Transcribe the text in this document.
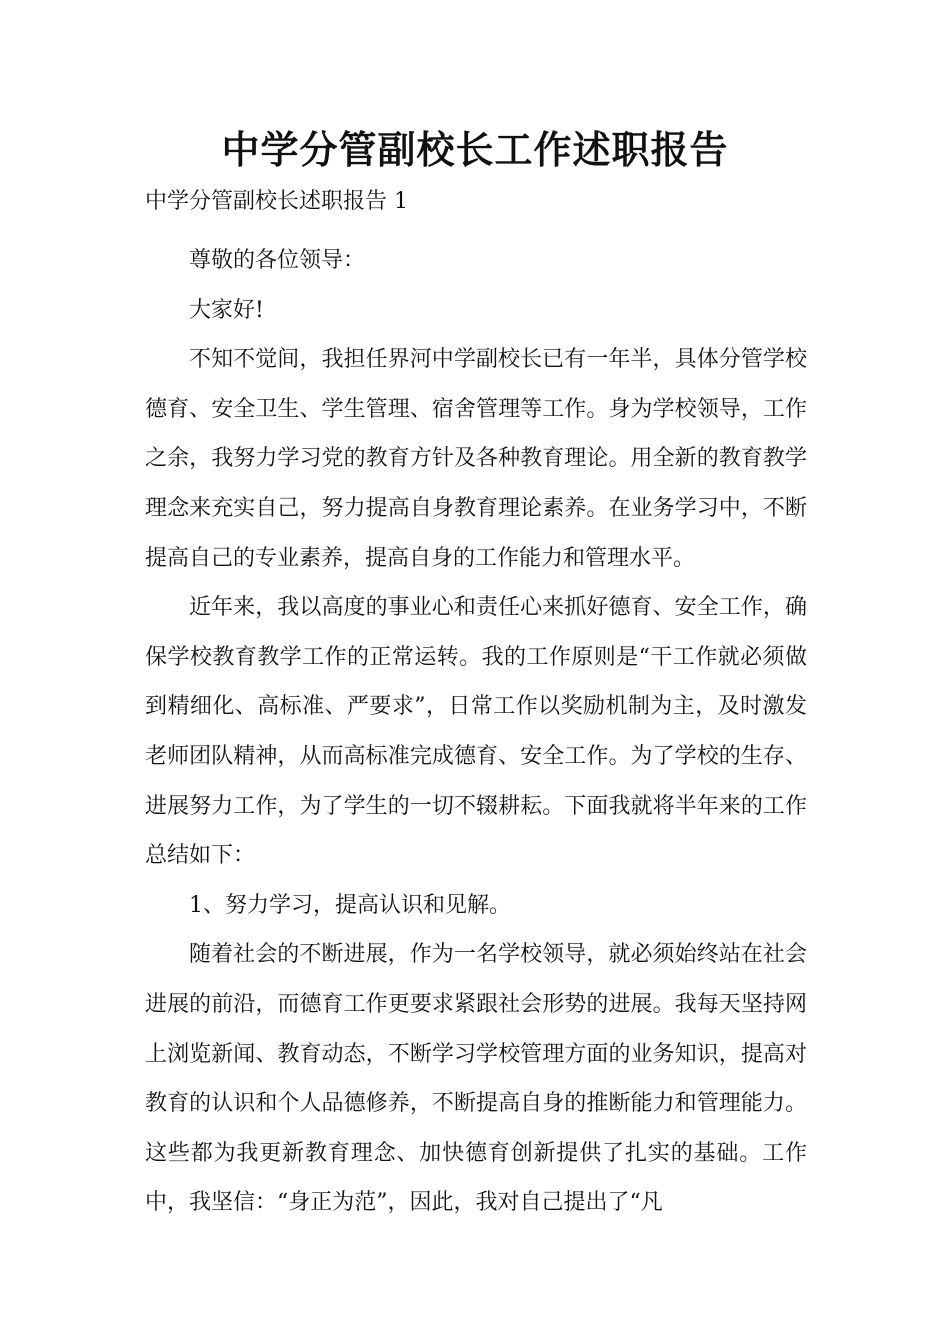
中学分管副校长工作述职报告

中学分管副校长述职报告 1

尊敬的各位领导：

大家好!

不知不觉间，我担任界河中学副校长已有一年半，具体分管学校德育、安全卫生、学生管理、宿舍管理等工作。身为学校领导，工作之余，我努力学习党的教育方针及各种教育理论。用全新的教育教学理念来充实自己，努力提高自身教育理论素养。在业务学习中，不断提高自己的专业素养，提高自身的工作能力和管理水平。

近年来，我以高度的事业心和责任心来抓好德育、安全工作，确保学校教育教学工作的正常运转。我的工作原则是“干工作就必须做到精细化、高标准、严要求”，日常工作以奖励机制为主，及时激发老师团队精神，从而高标准完成德育、安全工作。为了学校的生存、进展努力工作，为了学生的一切不辍耕耘。下面我就将半年来的工作总结如下：

1、努力学习，提高认识和见解。

随着社会的不断进展，作为一名学校领导，就必须始终站在社会进展的前沿，而德育工作更要求紧跟社会形势的进展。我每天坚持网上浏览新闻、教育动态，不断学习学校管理方面的业务知识，提高对教育的认识和个人品德修养，不断提高自身的推断能力和管理能力。这些都为我更新教育理念、加快德育创新提供了扎实的基础。工作中，我坚信：“身正为范”，因此，我对自己提出了“凡
